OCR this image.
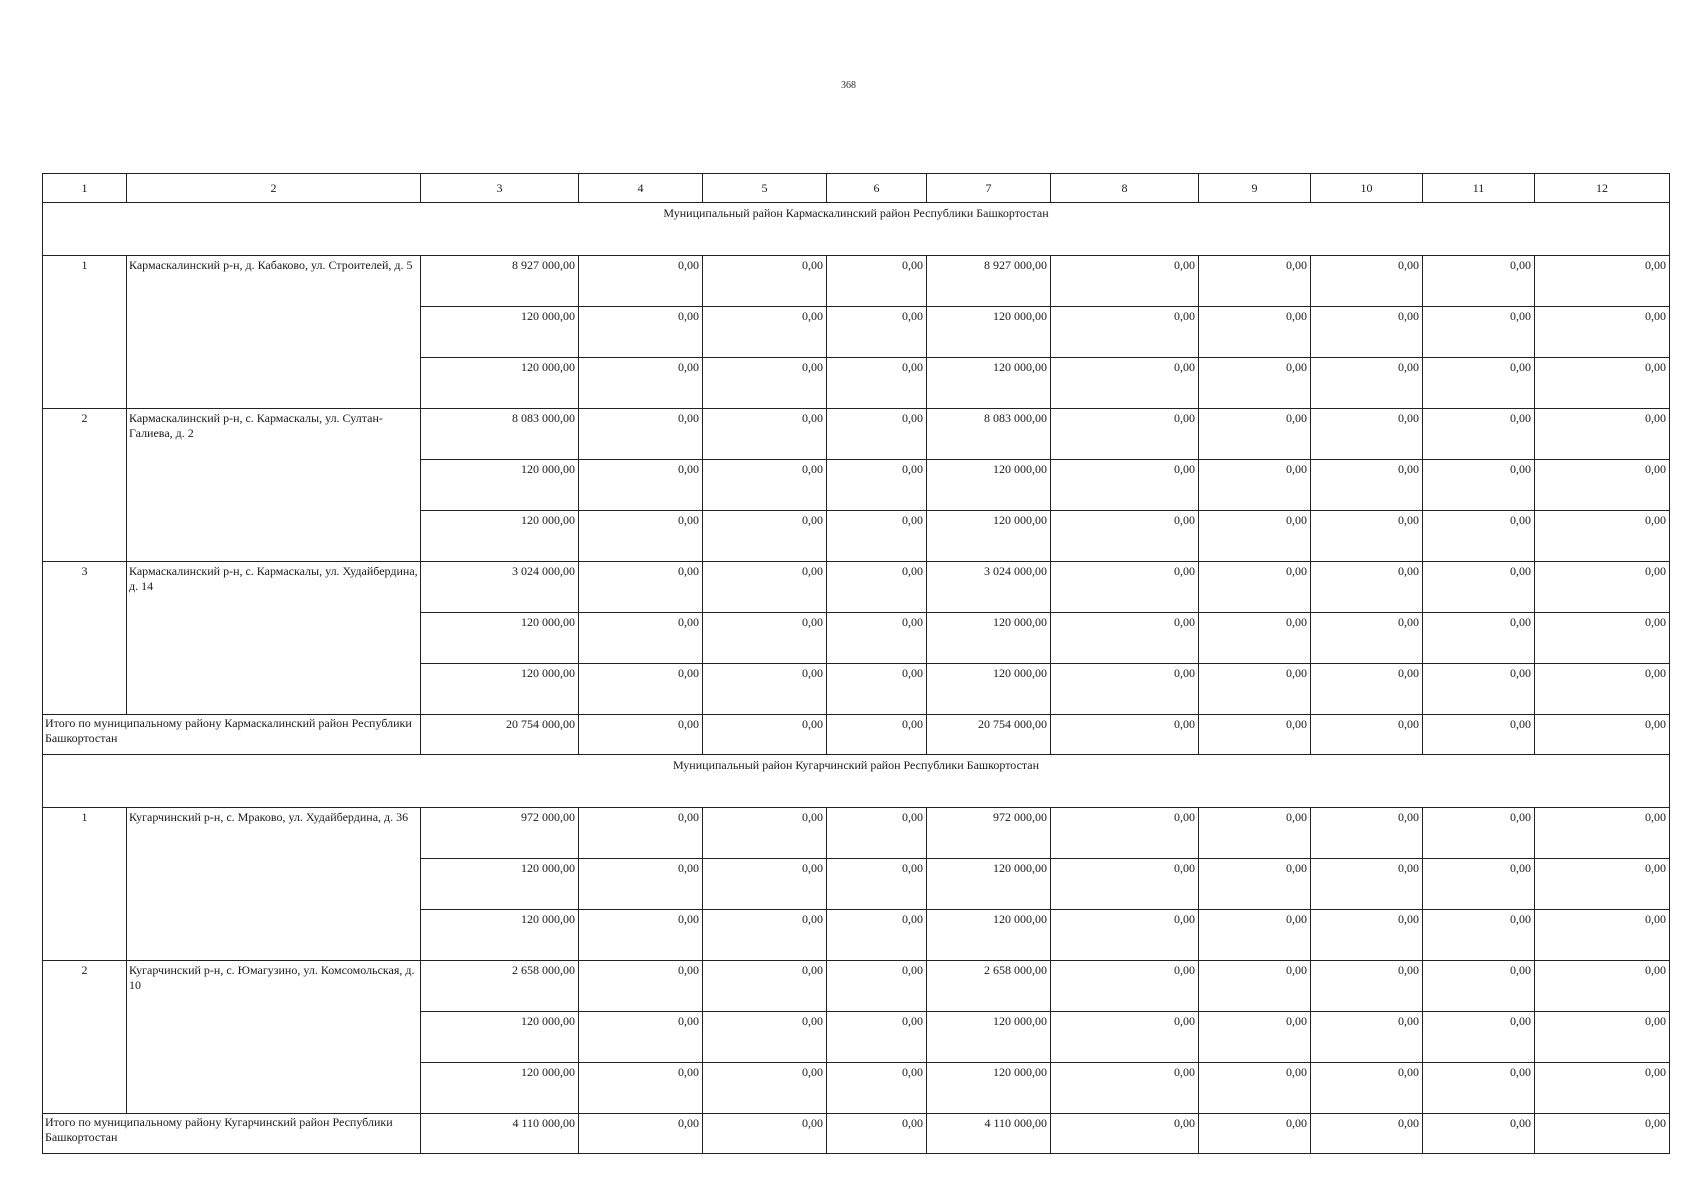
368
1	2	3	4	5	6	7	8	9	10	11	12
Муниципальный район Кармаскалинский район Республики Башкортостан											
1	Кармаскалинский р-н, д. Кабаково, ул. Строителей, д. 5	8 927 000,00	0,00	0,00	0,00	8 927 000,00	0,00	0,00	0,00	0,00	0,00
		120 000,00	0,00	0,00	0,00	120 000,00	0,00	0,00	0,00	0,00	0,00
		120 000,00	0,00	0,00	0,00	120 000,00	0,00	0,00	0,00	0,00	0,00
2	Кармаскалинский р-н, с. Кармаскалы, ул. Султан-Галиева, д. 2	8 083 000,00	0,00	0,00	0,00	8 083 000,00	0,00	0,00	0,00	0,00	0,00
		120 000,00	0,00	0,00	0,00	120 000,00	0,00	0,00	0,00	0,00	0,00
		120 000,00	0,00	0,00	0,00	120 000,00	0,00	0,00	0,00	0,00	0,00
3	Кармаскалинский р-н, с. Кармаскалы, ул. Худайбердина, д. 14	3 024 000,00	0,00	0,00	0,00	3 024 000,00	0,00	0,00	0,00	0,00	0,00
		120 000,00	0,00	0,00	0,00	120 000,00	0,00	0,00	0,00	0,00	0,00
		120 000,00	0,00	0,00	0,00	120 000,00	0,00	0,00	0,00	0,00	0,00
Итого по муниципальному району Кармаскалинский район Республики Башкортостан		20 754 000,00	0,00	0,00	0,00	20 754 000,00	0,00	0,00	0,00	0,00	0,00
Муниципальный район Кугарчинский район Республики Башкортостан											
1	Кугарчинский р-н, с. Мраково, ул. Худайбердина, д. 36	972 000,00	0,00	0,00	0,00	972 000,00	0,00	0,00	0,00	0,00	0,00
		120 000,00	0,00	0,00	0,00	120 000,00	0,00	0,00	0,00	0,00	0,00
		120 000,00	0,00	0,00	0,00	120 000,00	0,00	0,00	0,00	0,00	0,00
2	Кугарчинский р-н, с. Юмагузино, ул. Комсомольская, д. 10	2 658 000,00	0,00	0,00	0,00	2 658 000,00	0,00	0,00	0,00	0,00	0,00
		120 000,00	0,00	0,00	0,00	120 000,00	0,00	0,00	0,00	0,00	0,00
		120 000,00	0,00	0,00	0,00	120 000,00	0,00	0,00	0,00	0,00	0,00
Итого по муниципальному району Кугарчинский район Республики Башкортостан		4 110 000,00	0,00	0,00	0,00	4 110 000,00	0,00	0,00	0,00	0,00	0,00
